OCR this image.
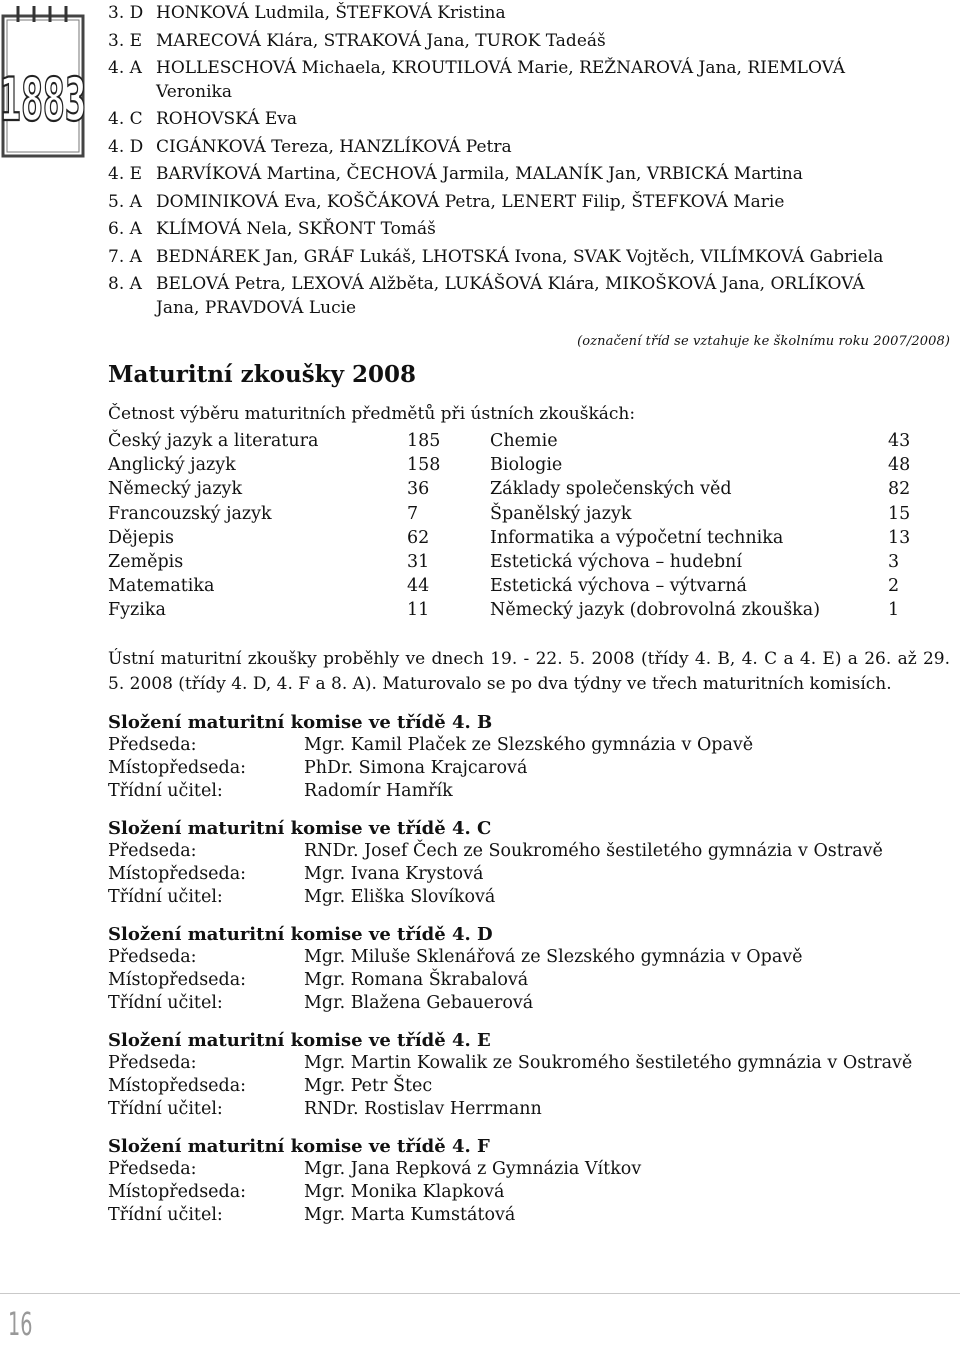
1883
3. D HONKOVÁ Ludmila, ŠTEFKOVÁ Kristina
3. E MARECOVÁ Klára, STRAKOVÁ Jana, TUROK Tadeáš
4. A HOLLESCHOVÁ Michaela, KROUTILOVÁ Marie, REŽNAROVÁ Jana, RIEMLOVÁ
Veronika
4. C ROHOVSKÁ Eva
4. D CIGÁNKOVÁ Tereza, HANZLÍKOVÁ Petra
4. E BARVÍKOVÁ Martina, ČECHOVÁ Jarmila, MALANÍK Jan, VRBICKÁ Martina
5. A DOMINIKOVÁ Eva, KOŠČÁKOVÁ Petra, LENERT Filip, ŠTEFKOVÁ Marie
6. A KLÍMOVÁ Nela, SKŘONT Tomáš
7. A BEDNÁREK Jan, GRÁF Lukáš, LHOTSKÁ Ivona, SVAK Vojtěch, VILÍMKOVÁ Gabriela
8. A BELOVÁ Petra, LEXOVÁ Alžběta, LUKÁŠOVÁ Klára, MIKOŠKOVÁ Jana, ORLÍKOVÁ
Jana, PRAVDOVÁ Lucie
(označení tříd se vztahuje ke školnímu roku 2007/2008)
Maturitní zkoušky 2008
Četnost výběru maturitních předmětů při ústních zkouškách:
Český jazyk a literatura	185	Chemie	43
Anglický jazyk	158	Biologie	48
Německý jazyk	36	Základy společenských věd	82
Francouzský jazyk	7	Španělský jazyk	15
Dějepis	62	Informatika a výpočetní technika	13
Zeměpis	31	Estetická výchova – hudební	3
Matematika	44	Estetická výchova – výtvarná	2
Fyzika	11	Německý jazyk (dobrovolná zkouška)	1

Ústní maturitní zkoušky proběhly ve dnech 19. - 22. 5. 2008 (třídy 4. B, 4. C a 4. E) a 26. až 29. 5. 2008 (třídy 4. D, 4. F a 8. A). Maturovalo se po dva týdny ve třech maturitních komisích.

Složení maturitní komise ve třídě 4. B
Předseda:	Mgr. Kamil Plaček ze Slezského gymnázia v Opavě
Místopředseda:	PhDr. Simona Krajcarová
Třídní učitel:	Radomír Hamřík
Složení maturitní komise ve třídě 4. C
Předseda:	RNDr. Josef Čech ze Soukromého šestiletého gymnázia v Ostravě
Místopředseda:	Mgr. Ivana Krystová
Třídní učitel:	Mgr. Eliška Slovíková
Složení maturitní komise ve třídě 4. D
Předseda:	Mgr. Miluše Sklenářová ze Slezského gymnázia v Opavě
Místopředseda:	Mgr. Romana Škrabalová
Třídní učitel:	Mgr. Blažena Gebauerová
Složení maturitní komise ve třídě 4. E
Předseda:	Mgr. Martin Kowalik ze Soukromého šestiletého gymnázia v Ostravě
Místopředseda:	Mgr. Petr Štec
Třídní učitel:	RNDr. Rostislav Herrmann
Složení maturitní komise ve třídě 4. F
Předseda:	Mgr. Jana Repková z Gymnázia Vítkov
Místopředseda:	Mgr. Monika Klapková
Třídní učitel:	Mgr. Marta Kumstátová
16
